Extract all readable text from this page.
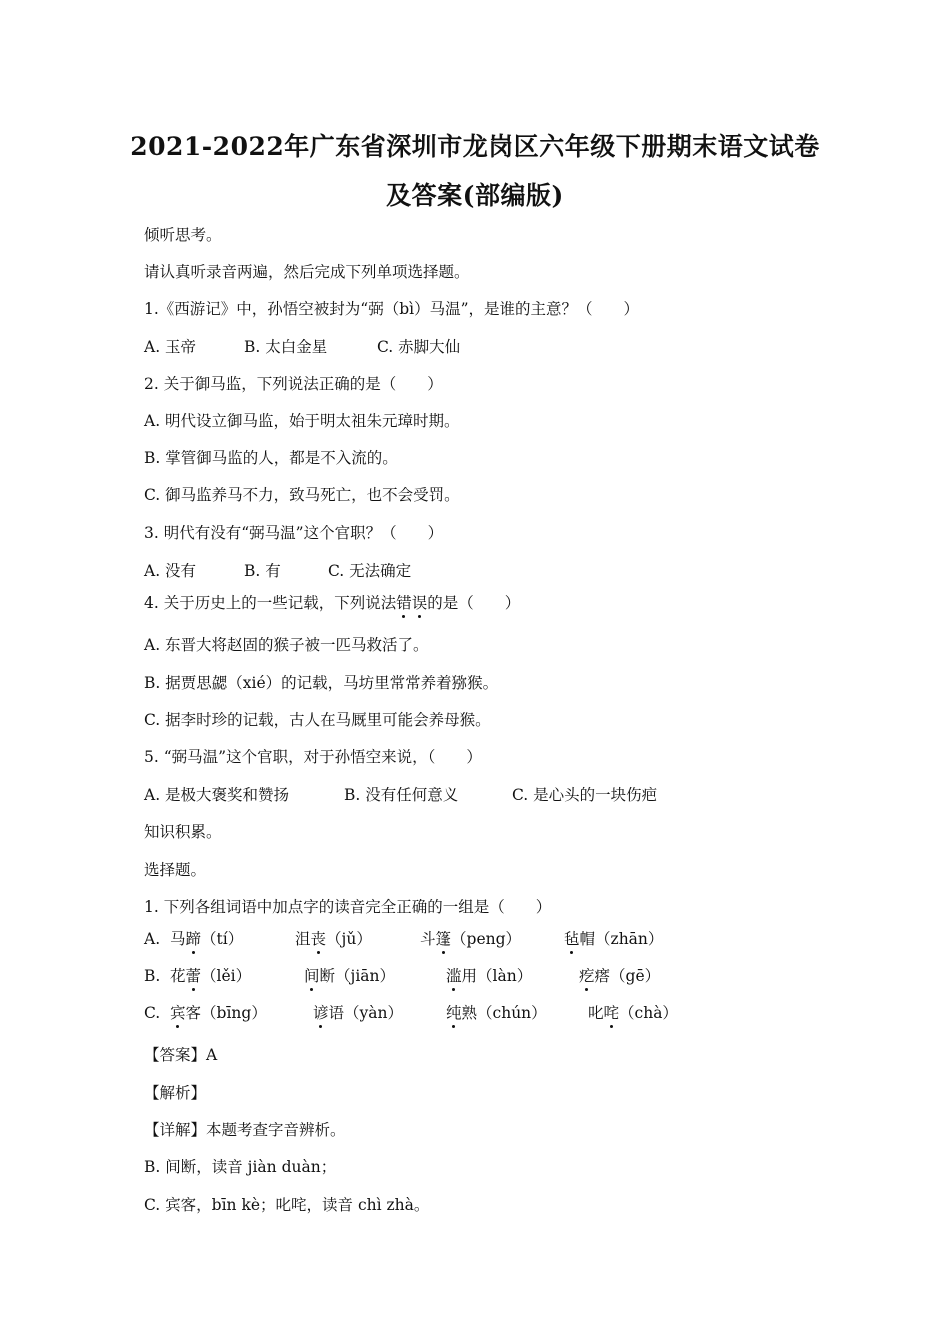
2021-2022年广东省深圳市龙岗区六年级下册期末语文试卷
及答案(部编版)
倾听思考。
请认真听录音两遍，然后完成下列单项选择题。
1.《西游记》中，孙悟空被封为“弼（bì）马温”，是谁的主意？（　　）
A. 玉帝	B. 太白金星	C. 赤脚大仙
2. 关于御马监，下列说法正确的是（　　）
A. 明代设立御马监，始于明太祖朱元璋时期。
B. 掌管御马监的人，都是不入流的。
C. 御马监养马不力，致马死亡，也不会受罚。
3. 明代有没有“弼马温”这个官职？（　　）
A. 没有	B. 有	C. 无法确定
4. 关于历史上的一些记载，下列说法错误的是（　　）
A. 东晋大将赵固的猴子被一匹马救活了。
B. 据贾思勰（xié）的记载，马坊里常常养着猕猴。
C. 据李时珍的记载，古人在马厩里可能会养母猴。
5. “弼马温”这个官职，对于孙悟空来说，（　　）
A. 是极大褒奖和赞扬	B. 没有任何意义	C. 是心头的一块伤疤
知识积累。
选择题。
1. 下列各组词语中加点字的读音完全正确的一组是（　　）
A. 马蹄（tí）	沮丧（jǔ）	斗篷（peng）	毡帽（zhān）
B. 花蕾（lěi）	间断（jiān）	滥用（làn）	疙瘩（gē）
C. 宾客（bīng）	谚语（yàn）	纯熟（chún）	叱咤（chà）
【答案】A
【解析】
【详解】本题考查字音辨析。
B. 间断，读音 jiàn duàn；
C. 宾客，bīn kè；叱咤，读音 chì zhà。
